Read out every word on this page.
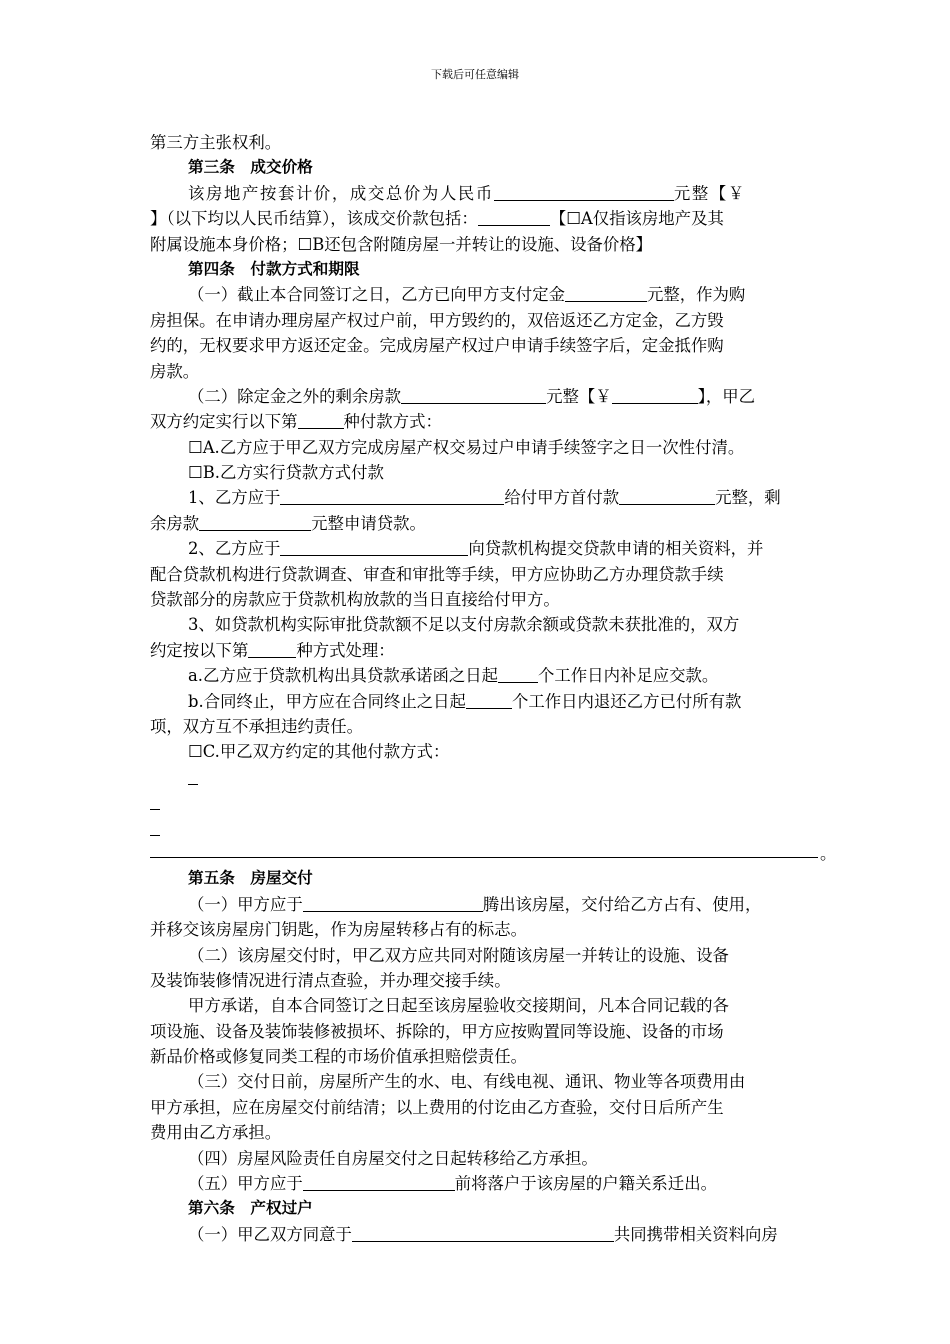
下载后可任意编辑
第三方主张权利。
第三条　成交价格
该房地产按套计价，成交总价为人民币	元整【￥
】（以下均以人民币结算），该成交价款包括：	【☐A仅指该房地产及其
附属设施本身价格；☐B还包含附随房屋一并转让的设施、设备价格】
第四条　付款方式和期限
（一）截止本合同签订之日，乙方已向甲方支付定金	元整，作为购
房担保。在申请办理房屋产权过户前，甲方毁约的，双倍返还乙方定金，乙方毁
约的，无权要求甲方返还定金。完成房屋产权过户申请手续签字后，定金抵作购
房款。
（二）除定金之外的剩余房款	元整【￥	】，甲乙
双方约定实行以下第	种付款方式：
☐A.乙方应于甲乙双方完成房屋产权交易过户申请手续签字之日一次性付清。
☐B.乙方实行贷款方式付款
1、乙方应于	给付甲方首付款	元整，剩
余房款	元整申请贷款。
2、乙方应于	向贷款机构提交贷款申请的相关资料，并
配合贷款机构进行贷款调查、审查和审批等手续，甲方应协助乙方办理贷款手续
贷款部分的房款应于贷款机构放款的当日直接给付甲方。
3、如贷款机构实际审批贷款额不足以支付房款余额或贷款未获批准的，双方
约定按以下第	种方式处理：
a.乙方应于贷款机构出具贷款承诺函之日起 个工作日内补足应交款。
b.合同终止，甲方应在合同终止之日起	个工作日内退还乙方已付所有款
项，双方互不承担违约责任。
☐C.甲乙双方约定的其他付款方式：
。
第五条　房屋交付
（一）甲方应于	腾出该房屋，交付给乙方占有、使用，
并移交该房屋房门钥匙，作为房屋转移占有的标志。
（二）该房屋交付时，甲乙双方应共同对附随该房屋一并转让的设施、设备
及装饰装修情况进行清点查验，并办理交接手续。
甲方承诺，自本合同签订之日起至该房屋验收交接期间，凡本合同记载的各
项设施、设备及装饰装修被损坏、拆除的，甲方应按购置同等设施、设备的市场
新品价格或修复同类工程的市场价值承担赔偿责任。
（三）交付日前，房屋所产生的水、电、有线电视、通讯、物业等各项费用由
甲方承担，应在房屋交付前结清；以上费用的付讫由乙方查验，交付日后所产生
费用由乙方承担。
（四）房屋风险责任自房屋交付之日起转移给乙方承担。
（五）甲方应于	前将落户于该房屋的户籍关系迁出。
第六条　产权过户
（一）甲乙双方同意于	共同携带相关资料向房
